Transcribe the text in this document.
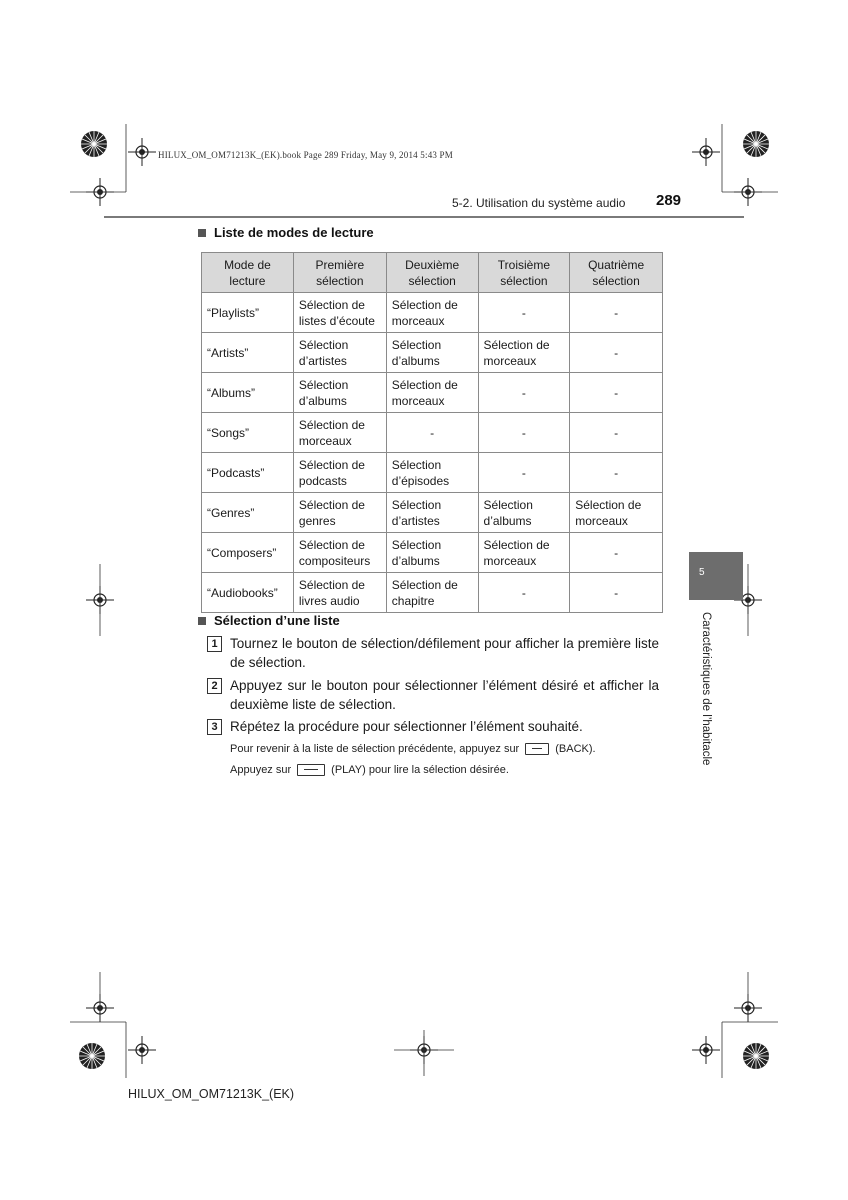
HILUX_OM_OM71213K_(EK).book Page 289 Friday, May 9, 2014 5:43 PM
5-2. Utilisation du système audio 289
Liste de modes de lecture
Mode de lecture	Première sélection	Deuxième sélection	Troisième sélection	Quatrième sélection
“Playlists”	Sélection de listes d’écoute	Sélection de morceaux	-	-
“Artists”	Sélection d’artistes	Sélection d’albums	Sélection de morceaux	-
“Albums”	Sélection d’albums	Sélection de morceaux	-	-
“Songs”	Sélection de morceaux	-	-	-
“Podcasts”	Sélection de podcasts	Sélection d’épisodes	-	-
“Genres”	Sélection de genres	Sélection d’artistes	Sélection d’albums	Sélection de morceaux
“Composers”	Sélection de compositeurs	Sélection d’albums	Sélection de morceaux	-
“Audiobooks”	Sélection de livres audio	Sélection de chapitre	-	-
Sélection d’une liste
1 Tournez le bouton de sélection/défilement pour afficher la première liste de sélection.
2 Appuyez sur le bouton pour sélectionner l’élément désiré et afficher la deuxième liste de sélection.
3 Répétez la procédure pour sélectionner l’élément souhaité.
Pour revenir à la liste de sélection précédente, appuyez sur	(BACK).
Appuyez sur	(PLAY) pour lire la sélection désirée.
5
Caractéristiques de l’habitacle
HILUX_OM_OM71213K_(EK)
